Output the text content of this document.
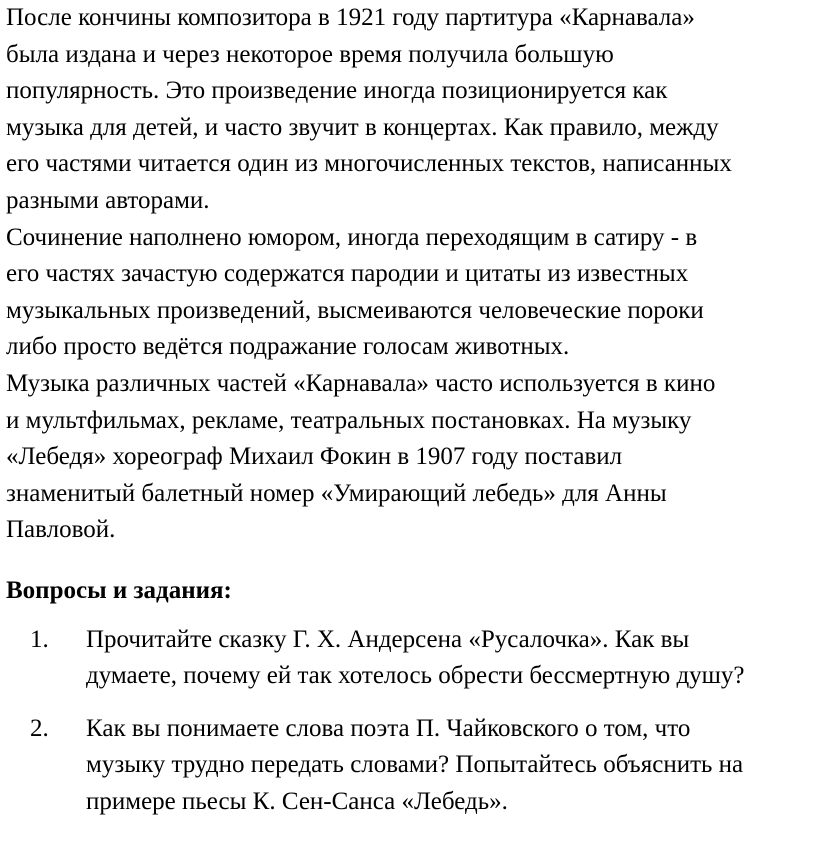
После кончины композитора в 1921 году партитура «Карнавала»
была издана и через некоторое время получила большую
популярность. Это произведение иногда позиционируется как
музыка для детей, и часто звучит в концертах. Как правило, между
его частями читается один из многочисленных текстов, написанных
разными авторами.
Сочинение наполнено юмором, иногда переходящим в сатиру - в
его частях зачастую содержатся пародии и цитаты из известных
музыкальных произведений, высмеиваются человеческие пороки
либо просто ведётся подражание голосам животных.
Музыка различных частей «Карнавала» часто используется в кино
и мультфильмах, рекламе, театральных постановках. На музыку
«Лебедя» хореограф Михаил Фокин в 1907 году поставил
знаменитый балетный номер «Умирающий лебедь» для Анны
Павловой.
Вопросы и задания:
1.	Прочитайте сказку Г. Х. Андерсена «Русалочка». Как вы
думаете, почему ей так хотелось обрести бессмертную душу?
2.	Как вы понимаете слова поэта П. Чайковского о том, что
музыку трудно передать словами? Попытайтесь объяснить на
примере пьесы К. Сен-Санса «Лебедь».
